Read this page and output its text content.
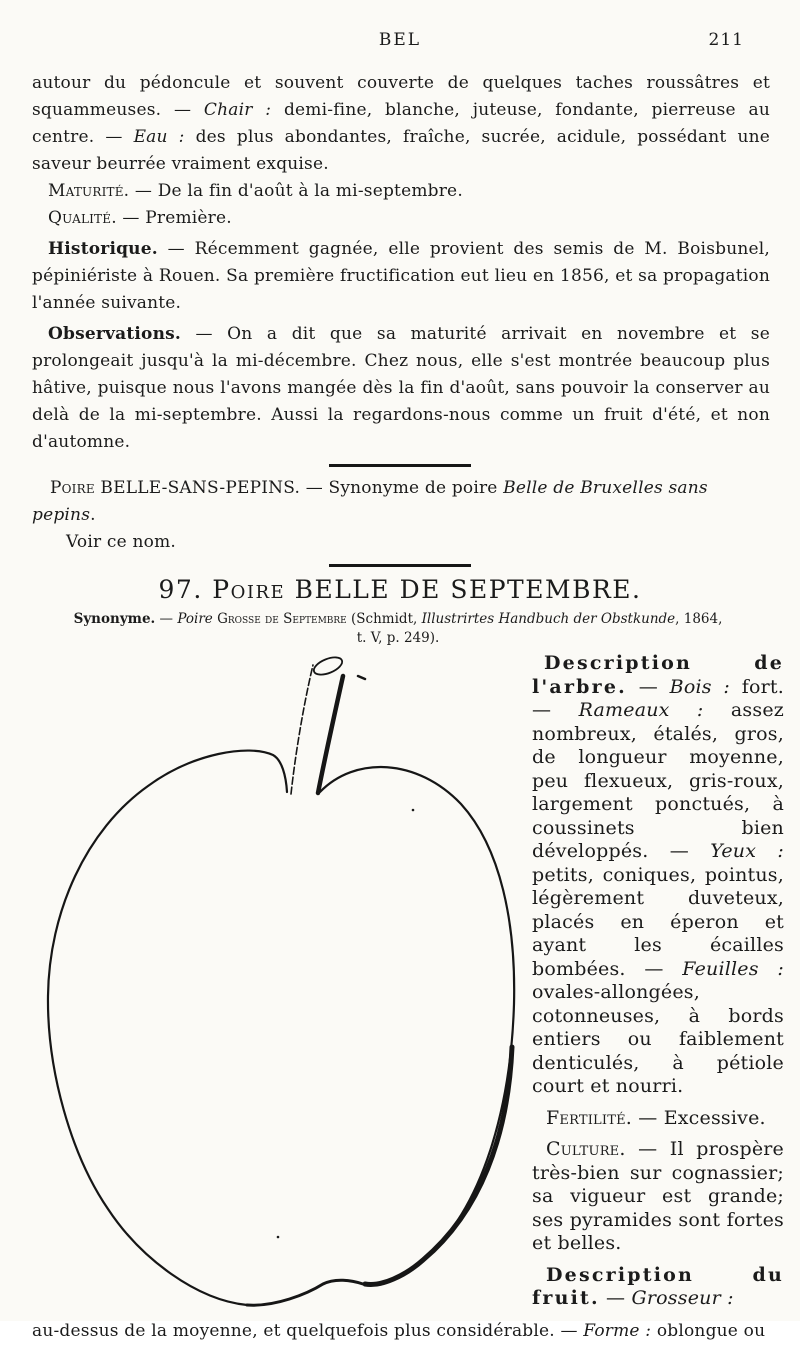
BEL	211

autour du pédoncule et souvent couverte de quelques taches roussâtres et squammeuses. — Chair : demi-fine, blanche, juteuse, fondante, pierreuse au centre. — Eau : des plus abondantes, fraîche, sucrée, acidule, possédant une saveur beurrée vraiment exquise.

Maturité. — De la fin d'août à la mi-septembre.

Qualité. — Première.

Historique. — Récemment gagnée, elle provient des semis de M. Boisbunel, pépiniériste à Rouen. Sa première fructification eut lieu en 1856, et sa propagation l'année suivante.

Observations. — On a dit que sa maturité arrivait en novembre et se prolongeait jusqu'à la mi-décembre. Chez nous, elle s'est montrée beaucoup plus hâtive, puisque nous l'avons mangée dès la fin d'août, sans pouvoir la conserver au delà de la mi-septembre. Aussi la regardons-nous comme un fruit d'été, et non d'automne.

Poire BELLE-SANS-PEPINS. — Synonyme de poire Belle de Bruxelles sans pepins.

Voir ce nom.

97. Poire BELLE DE SEPTEMBRE.

Synonyme. — Poire Grosse de Septembre (Schmidt, Illustrirtes Handbuch der Obstkunde, 1864,

t. V, p. 249).

Description de l'arbre. — Bois : fort. — Rameaux : assez nombreux, étalés, gros, de longueur moyenne, peu flexueux, gris-roux, largement ponctués, à coussinets bien développés. — Yeux : petits, coniques, pointus, légèrement duveteux, placés en éperon et ayant les écailles bombées. — Feuilles : ovales-allongées, cotonneuses, à bords entiers ou faiblement denticulés, à pétiole court et nourri.

Fertilité. — Excessive.

Culture. — Il prospère très-bien sur cognassier; sa vigueur est grande; ses pyramides sont fortes et belles.

Description du fruit. — Grosseur :

au-dessus de la moyenne, et quelquefois plus considérable. — Forme : oblongue ou
